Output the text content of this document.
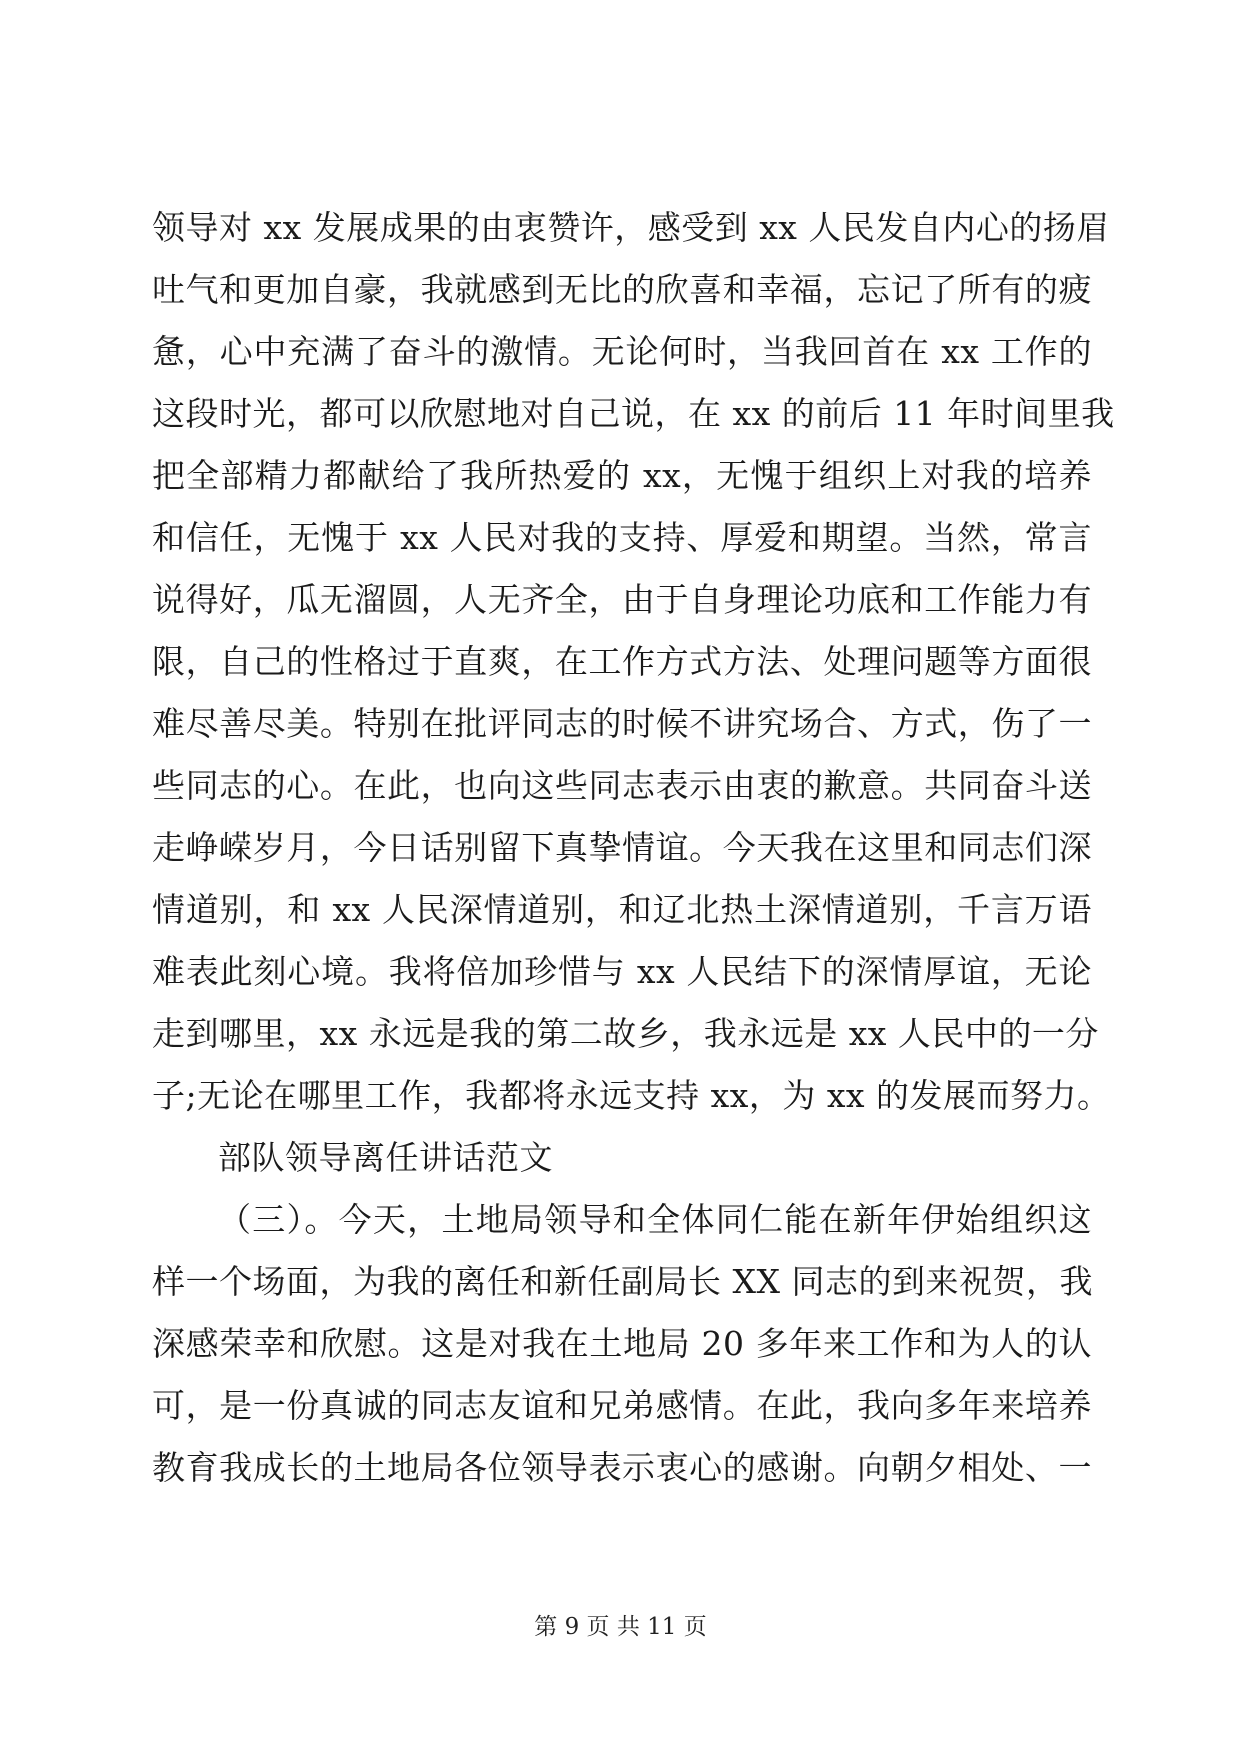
领导对 xx 发展成果的由衷赞许，感受到 xx 人民发自内心的扬眉
吐气和更加自豪，我就感到无比的欣喜和幸福，忘记了所有的疲
惫，心中充满了奋斗的激情。无论何时，当我回首在 xx 工作的
这段时光，都可以欣慰地对自己说，在 xx 的前后 11 年时间里我
把全部精力都献给了我所热爱的 xx，无愧于组织上对我的培养
和信任，无愧于 xx 人民对我的支持、厚爱和期望。当然，常言
说得好，瓜无溜圆，人无齐全，由于自身理论功底和工作能力有
限，自己的性格过于直爽，在工作方式方法、处理问题等方面很
难尽善尽美。特别在批评同志的时候不讲究场合、方式，伤了一
些同志的心。在此，也向这些同志表示由衷的歉意。共同奋斗送
走峥嵘岁月，今日话别留下真挚情谊。今天我在这里和同志们深
情道别，和 xx 人民深情道别，和辽北热土深情道别，千言万语
难表此刻心境。我将倍加珍惜与 xx 人民结下的深情厚谊，无论
走到哪里，xx 永远是我的第二故乡，我永远是 xx 人民中的一分
子;无论在哪里工作，我都将永远支持 xx，为 xx 的发展而努力。
部队领导离任讲话范文
（三）。今天，土地局领导和全体同仁能在新年伊始组织这
样一个场面，为我的离任和新任副局长 XX 同志的到来祝贺，我
深感荣幸和欣慰。这是对我在土地局 20 多年来工作和为人的认
可，是一份真诚的同志友谊和兄弟感情。在此，我向多年来培养
教育我成长的土地局各位领导表示衷心的感谢。向朝夕相处、一
第 9 页 共 11 页
